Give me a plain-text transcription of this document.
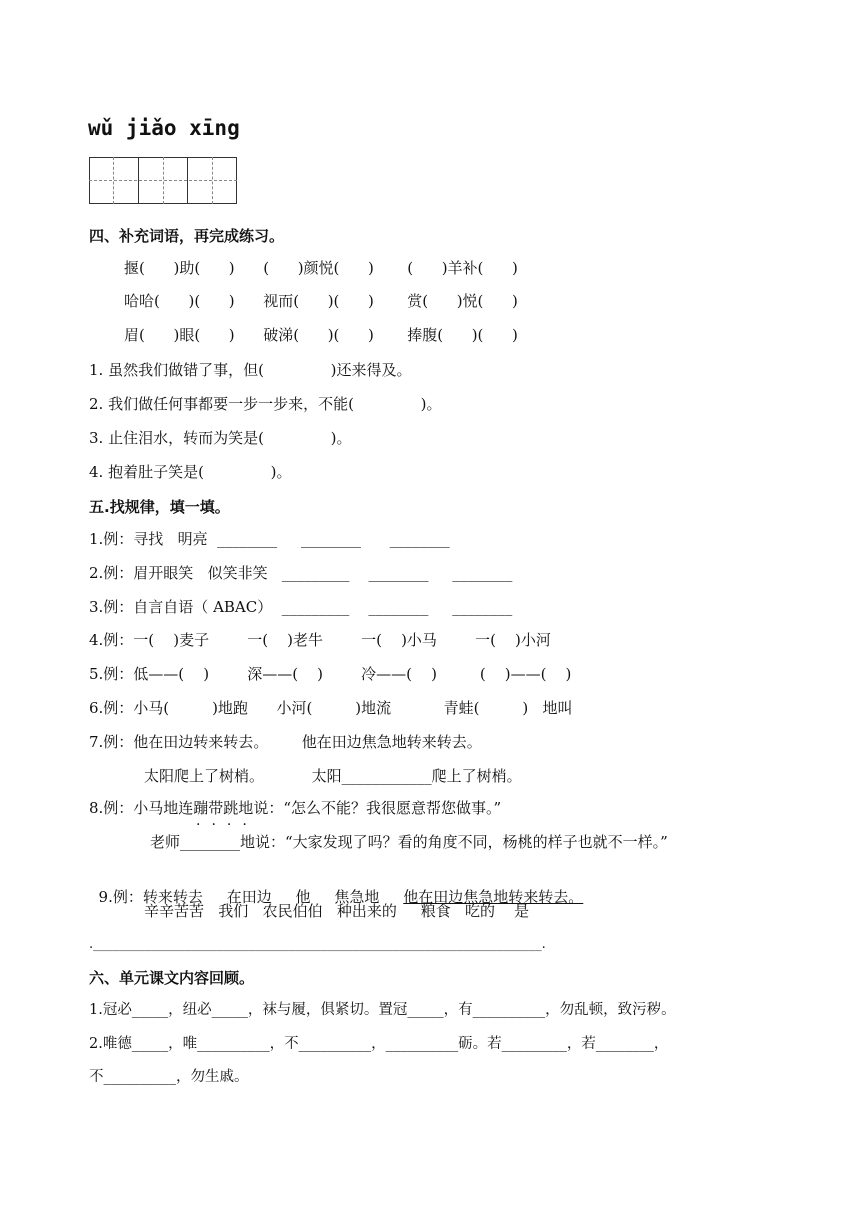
wǔ jiǎo xīng
四、补充词语，再完成练习。
揠(      )助(      )      (      )颜悦(      )       (      )羊补(      )
哈哈(      )(      )      视而(      )(      )       赏(      )悦(      )
眉(      )眼(      )      破涕(      )(      )       捧腹(      )(      )
1. 虽然我们做错了事，但(              )还来得及。
2. 我们做任何事都要一步一步来，不能(              )。
3. 止住泪水，转而为笑是(              )。
4. 抱着肚子笑是(              )。
五.找规律，填一填。
1.例：寻找   明亮  ________     ________      ________
2.例：眉开眼笑   似笑非笑   _________    ________     ________
3.例：自言自语（ ABAC）  _________    ________     ________
4.例：一(    )麦子        一(    )老牛        一(    )小马        一(    )小河
5.例：低——(    )        深——(    )        冷——(    )         (    )——(    )
6.例：小马(         )地跑      小河(         )地流           青蛙(         )   地叫
7.例：他在田边转来转去。       他在田边焦急地转来转去。
太阳爬上了树梢。          太阳____________爬上了树梢。
8.例：小马地连蹦带跳地说：“怎么不能？我很愿意帮您做事。”
....
老师________地说：“大家发现了吗？看的角度不同，杨桃的样子也就不一样。”

9.例：转来转去     在田边     他     焦急地     他在田边焦急地转来转去。

辛辛苦苦   我们   农民伯伯   种出来的     粮食   吃的    是
._____________________________________________________________________.
六、单元课文内容回顾。
1.冠必_____，纽必_____，袜与履，俱紧切。置冠_____，有__________，勿乱顿，致污秽。
2.唯德_____，唯__________，不__________，__________砺。若_________，若________，
不__________，勿生戚。
